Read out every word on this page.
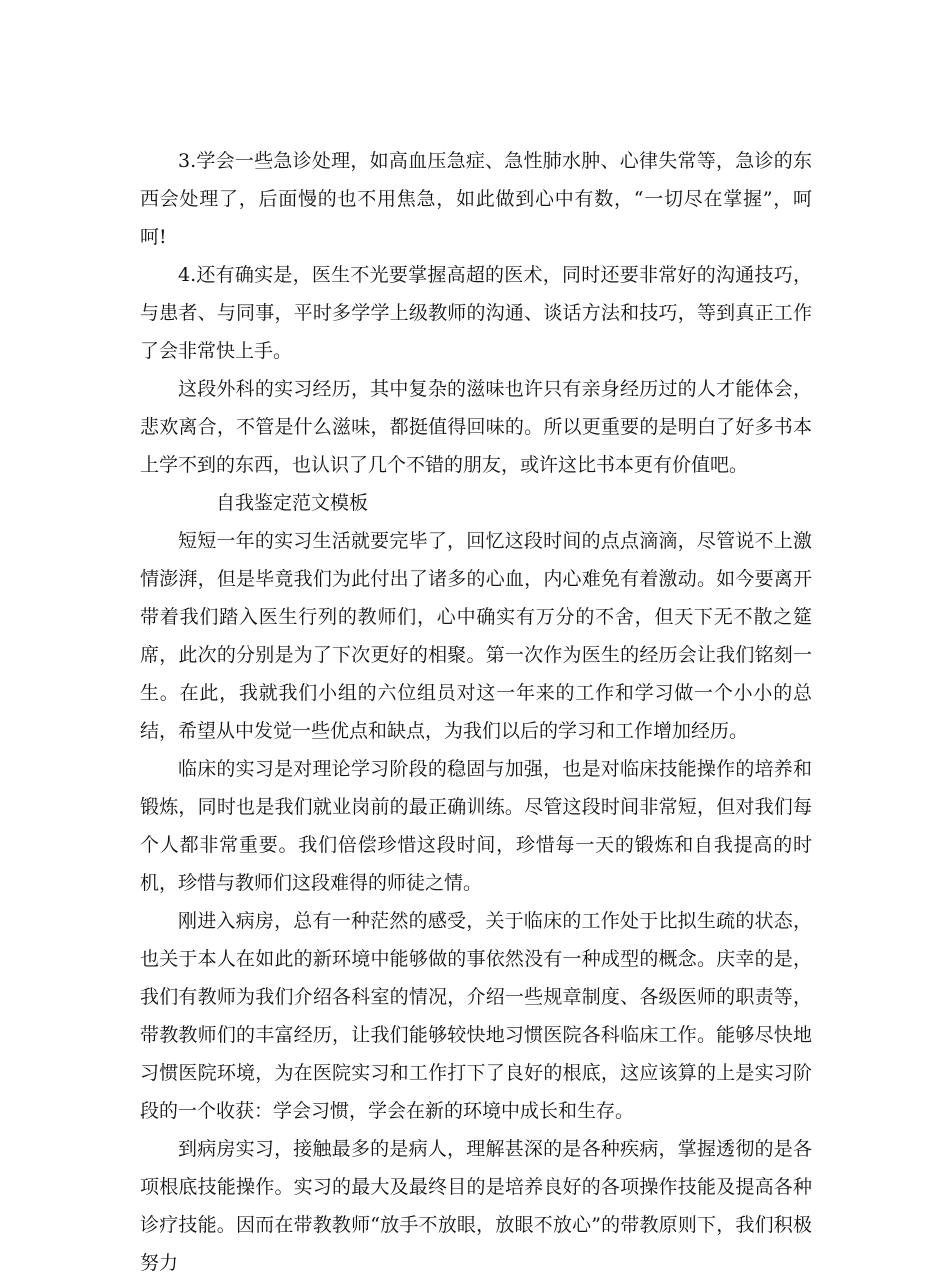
3.学会一些急诊处理，如高血压急症、急性肺水肿、心律失常等，急诊的东西会处理了，后面慢的也不用焦急，如此做到心中有数，“一切尽在掌握”，呵呵!

4.还有确实是，医生不光要掌握高超的医术，同时还要非常好的沟通技巧，与患者、与同事，平时多学学上级教师的沟通、谈话方法和技巧，等到真正工作了会非常快上手。

这段外科的实习经历，其中复杂的滋味也许只有亲身经历过的人才能体会，悲欢离合，不管是什么滋味，都挺值得回味的。所以更重要的是明白了好多书本上学不到的东西，也认识了几个不错的朋友，或许这比书本更有价值吧。

自我鉴定范文模板

短短一年的实习生活就要完毕了，回忆这段时间的点点滴滴，尽管说不上激情澎湃，但是毕竟我们为此付出了诸多的心血，内心难免有着激动。如今要离开带着我们踏入医生行列的教师们，心中确实有万分的不舍，但天下无不散之筵席，此次的分别是为了下次更好的相聚。第一次作为医生的经历会让我们铭刻一生。在此，我就我们小组的六位组员对这一年来的工作和学习做一个小小的总结，希望从中发觉一些优点和缺点，为我们以后的学习和工作增加经历。

临床的实习是对理论学习阶段的稳固与加强，也是对临床技能操作的培养和锻炼，同时也是我们就业岗前的最正确训练。尽管这段时间非常短，但对我们每个人都非常重要。我们倍偿珍惜这段时间，珍惜每一天的锻炼和自我提高的时机，珍惜与教师们这段难得的师徒之情。

刚进入病房，总有一种茫然的感受，关于临床的工作处于比拟生疏的状态，也关于本人在如此的新环境中能够做的事依然没有一种成型的概念。庆幸的是，我们有教师为我们介绍各科室的情况，介绍一些规章制度、各级医师的职责等，带教教师们的丰富经历，让我们能够较快地习惯医院各科临床工作。能够尽快地习惯医院环境，为在医院实习和工作打下了良好的根底，这应该算的上是实习阶段的一个收获：学会习惯，学会在新的环境中成长和生存。

到病房实习，接触最多的是病人，理解甚深的是各种疾病，掌握透彻的是各项根底技能操作。实习的最大及最终目的是培养良好的各项操作技能及提高各种诊疗技能。因而在带教教师“放手不放眼，放眼不放心”的带教原则下，我们积极努力
